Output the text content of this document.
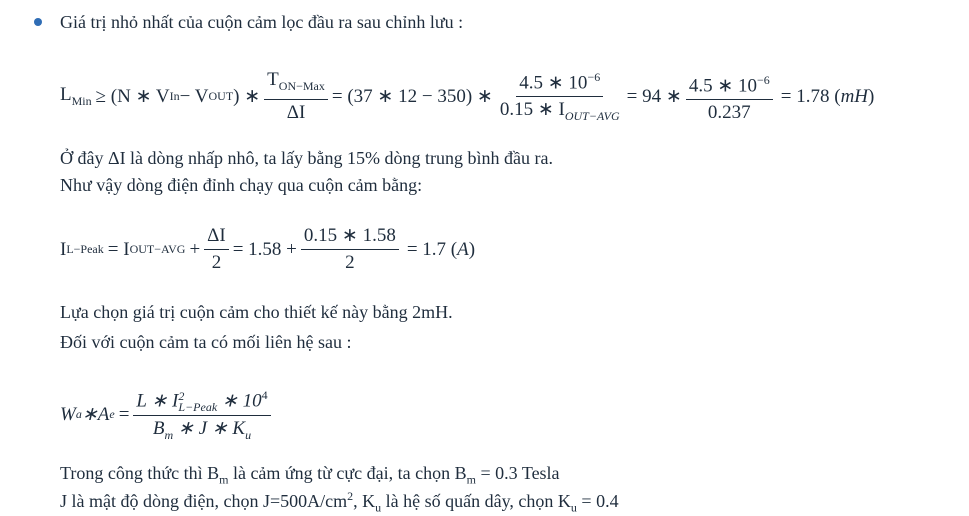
Giá trị nhỏ nhất của cuộn cảm lọc đầu ra sau chỉnh lưu :
$L_{Min} \ge (N$ ∗ V In − V OUT ) ∗ $\frac{T_{ON-Max}}{\Delta I} = (37$ ∗ 12 − 350) ∗ $\frac{4.5 ∗ 10^{-6}}{0.15 ∗ I_{OUT-AVG}} = 94$ ∗ $\frac{4.5 ∗ 10^{-6}}{0.237} = 1.78$ ( mH )
Ở đây ΔI là dòng nhấp nhô, ta lấy bằng 15% dòng trung bình đầu ra.
Như vậy dòng điện đỉnh chạy qua cuộn cảm bằng:
I L−Peak = I $OUT-AVG + \frac{\Delta I}{2} = 1.58 + \frac{0.15 ∗ 1.58}{2} = 1.7$ ( A )
Lựa chọn giá trị cuộn cảm cho thiết kế này bằng 2mH.
Đối với cuộn cảm ta có mối liên hệ sau :
W a ∗ A e = L ∗ I 2
L−Peak ∗ $10^4$
$B_m$ ∗ J ∗ $K_u$
Trong công thức thì $B_m$ là cảm ứng từ cực đại, ta chọn $B_m = 0.3$ Tesla
J là mật độ dòng điện, chọn $J=500A/cm^2$, $K_u$ là hệ số quấn dây, chọn $K_u = 0.4$
